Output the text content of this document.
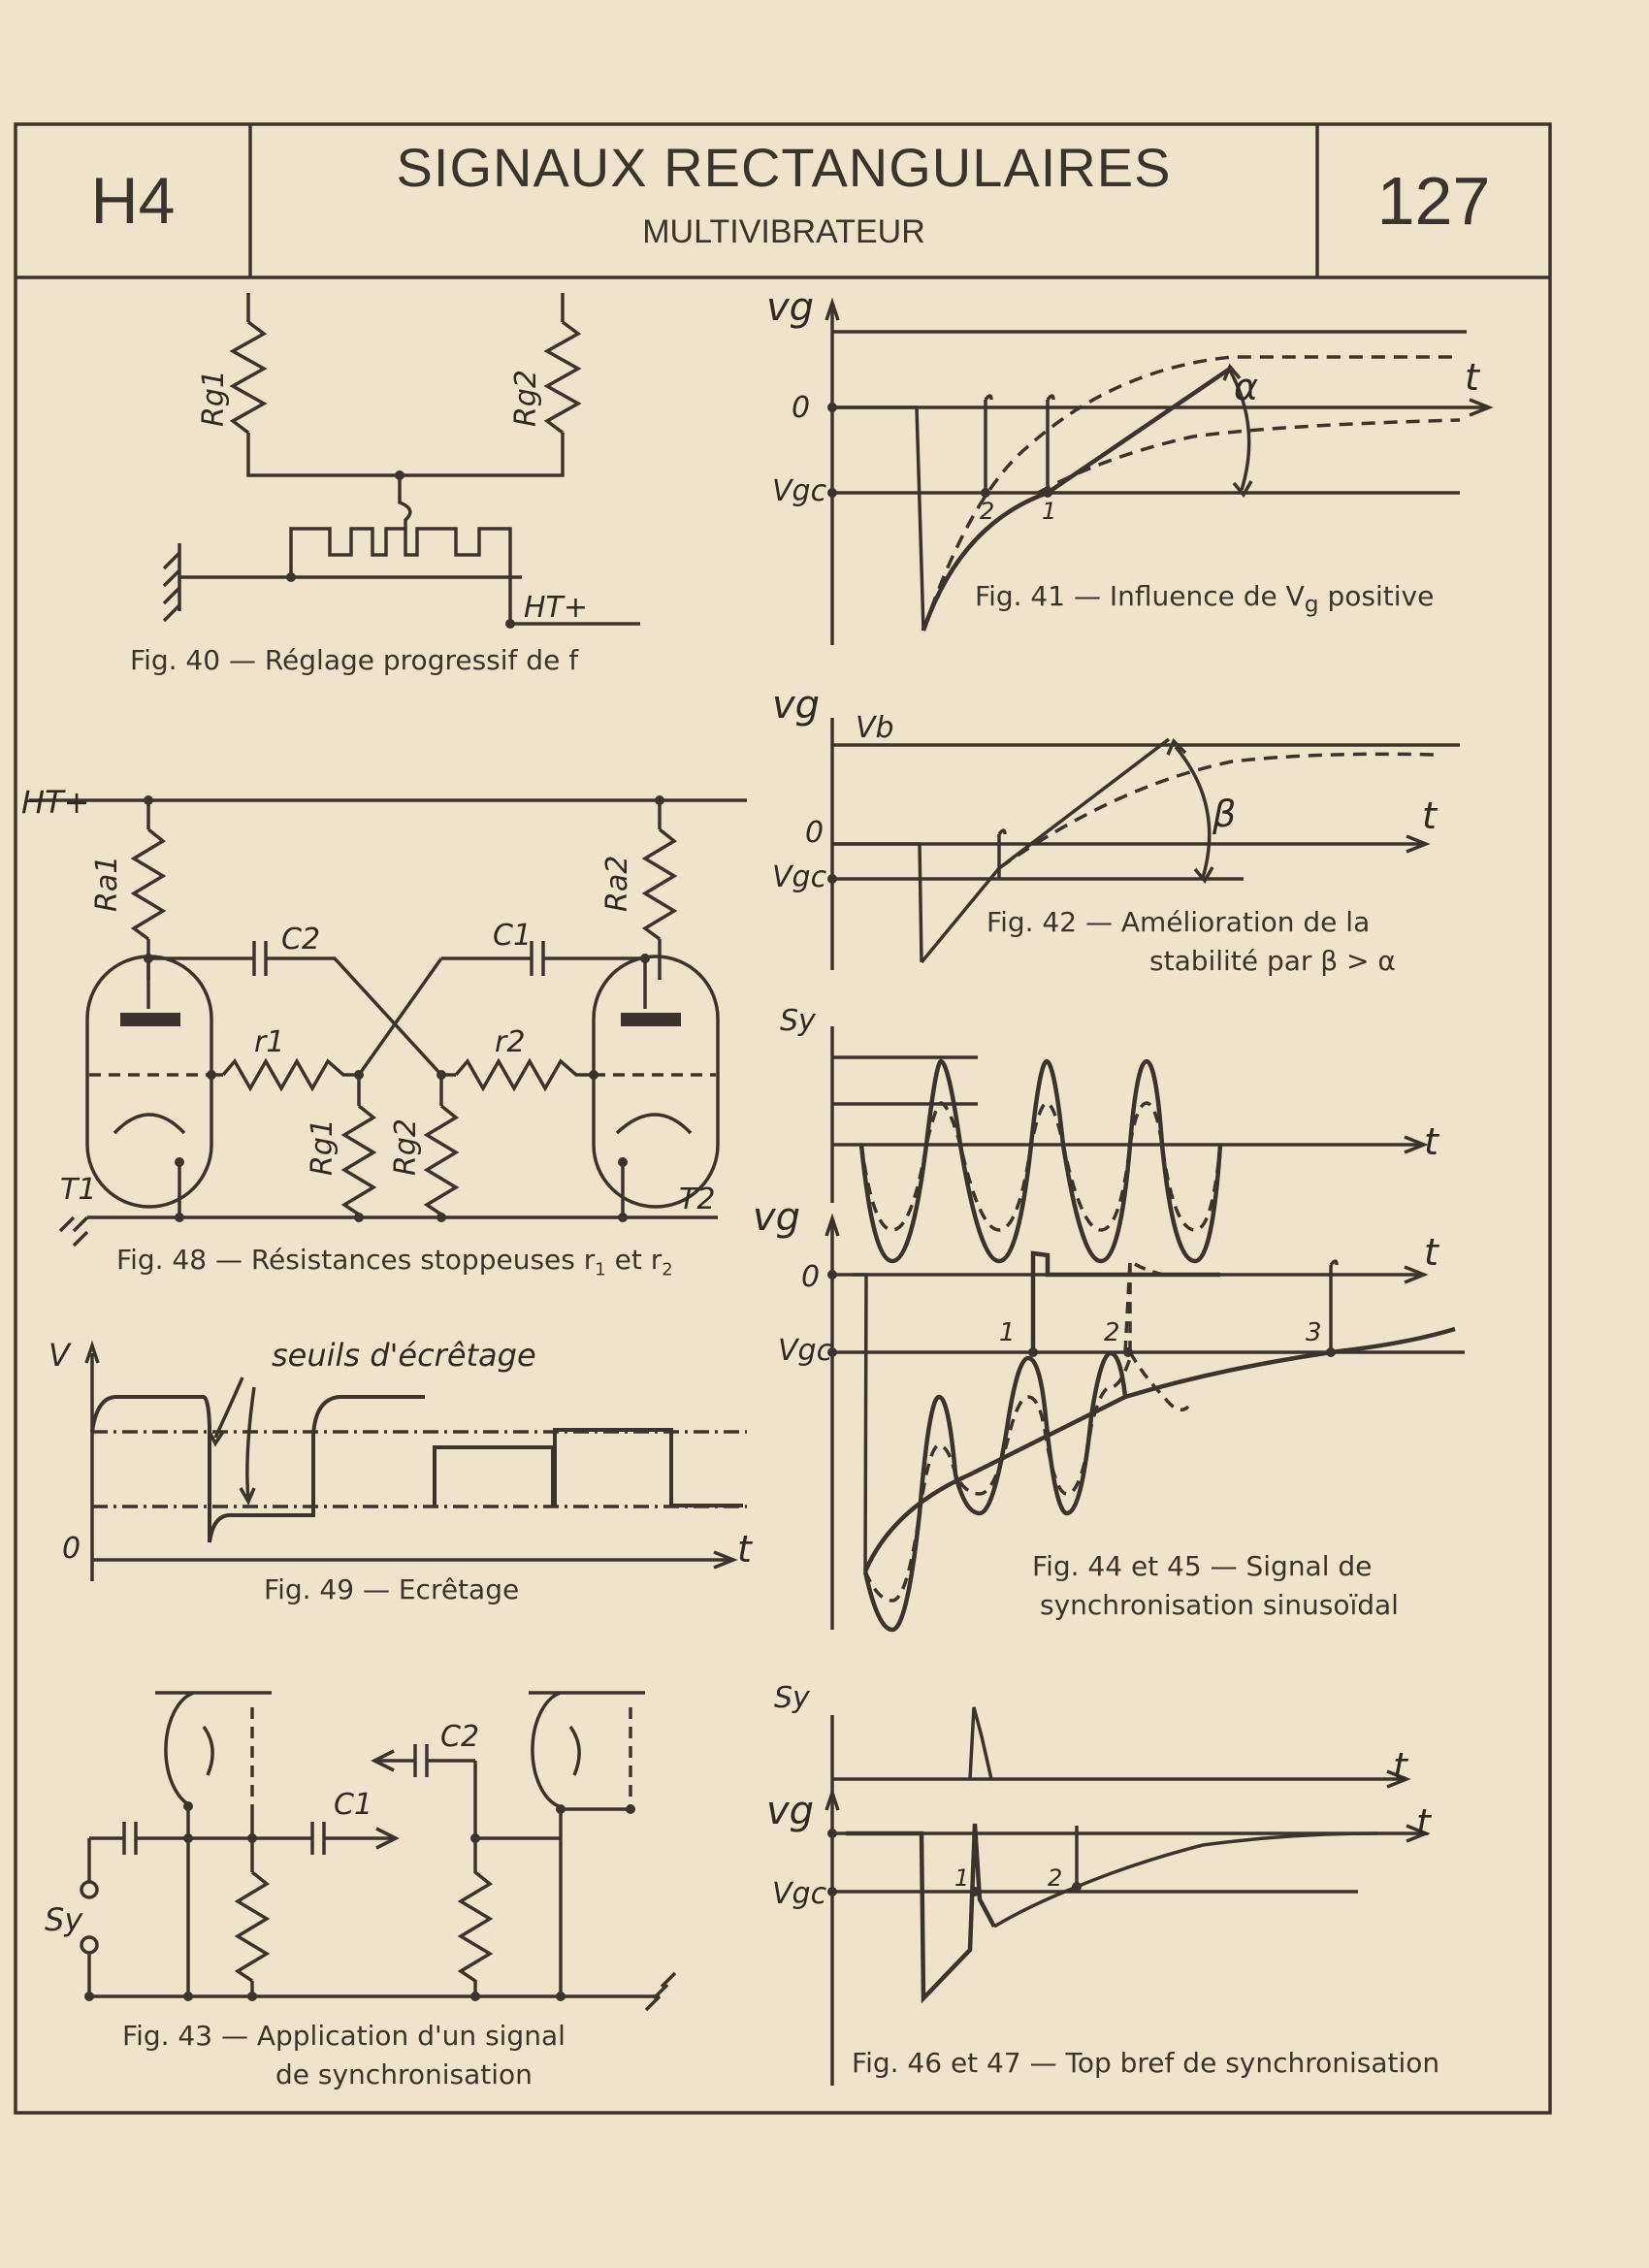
Rg1	Rg2
HT+
vg
0
Vgc
t
α
2 1
vg
Vb
0
Vgc
t
β
Sy
t
vg
0
Vgc
t
1	2	3
Sy
t
vg	t
Vgc	1	2
HT+
Ra1	Ra2
C2	C1
r1	r2
Rg1 Rg2
T1	T2
V
0	t
seuils d'écrêtage
C1
C2
Sy
H4	SIGNAUX RECTANGULAIRES
MULTIVIBRATEUR	127
Fig. 40 — Réglage progressif de f
Fig. 41 — Influence de $V_g$ positive
Fig. 42 — Amélioration de la
stabilité par β > α
Fig. 48 — Résistances stoppeuses $r_1$ et $r_2$
Fig. 49 — Ecrêtage
Fig. 44 et 45 — Signal de
synchronisation sinusoïdal
Fig. 43 — Application d'un signal
de synchronisation	Fig. 46 et 47 — Top bref de synchronisation
